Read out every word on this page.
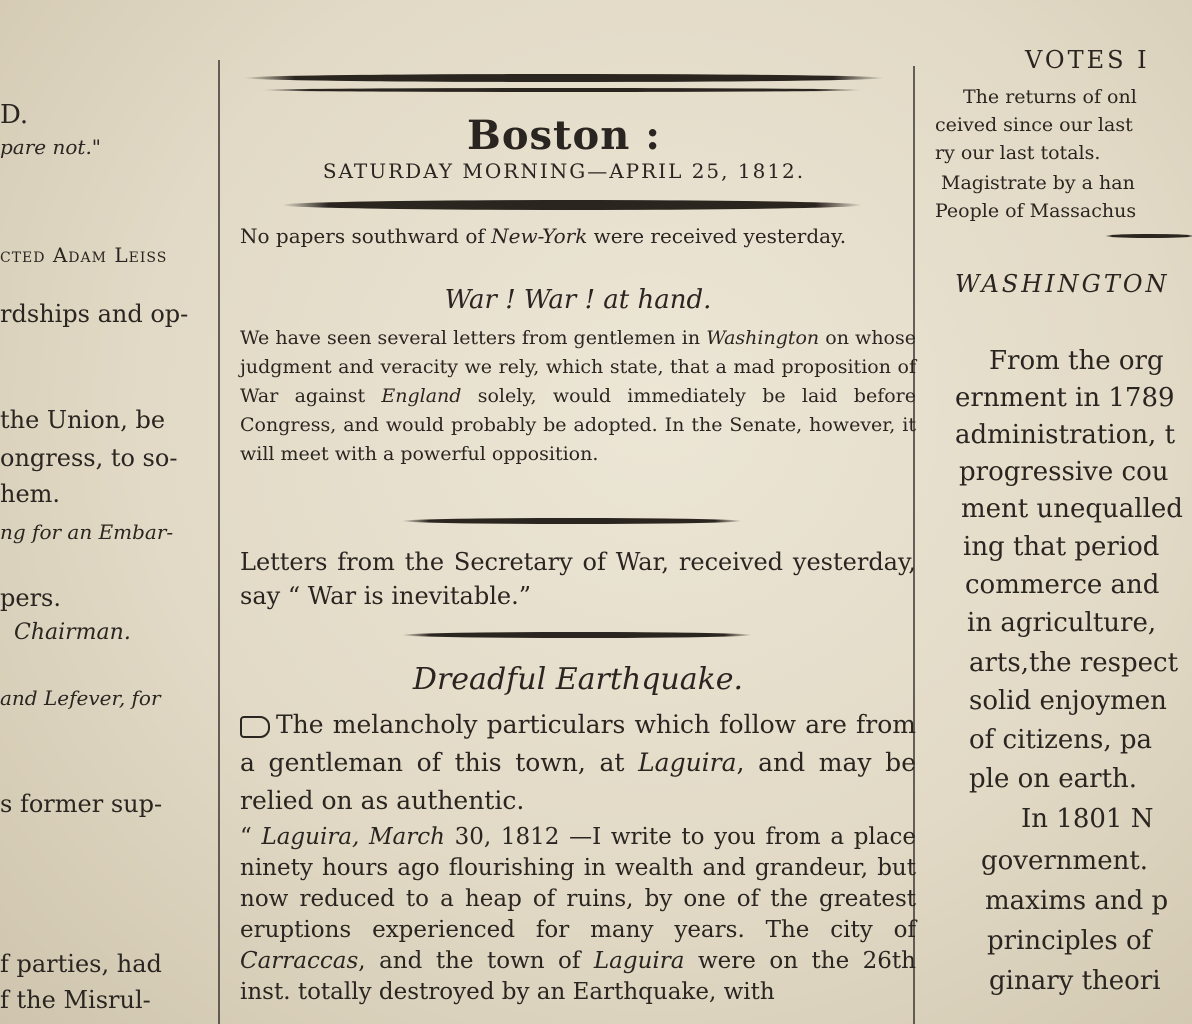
D.
pare not."
cted Adam Leiss
rdships and op-
the Union, be
ongress, to so-
hem.
ng for an Embar-
pers.
Chairman.
and Lefever, for
s former sup-
f parties, had
f the Misrul-
Boston :
SATURDAY MORNING—APRIL 25, 1812.
No papers southward of New-York were received yesterday.
War ! War ! at hand.
We have seen several letters from gentlemen in Washington on whose judgment and veracity we rely, which state, that a mad proposition of War against England solely, would immediately be laid before Congress, and would probably be adopted. In the Senate, however, it will meet with a powerful opposition.
Letters from the Secretary of War, received yesterday, say “ War is inevitable.”
Dreadful Earthquake.
The melancholy particulars which follow are from a gentleman of this town, at Laguira, and may be relied on as authentic.
“ Laguira, March 30, 1812 —I write to you from a place ninety hours ago flourishing in wealth and grandeur, but now reduced to a heap of ruins, by one of the greatest eruptions experienced for many years. The city of Carraccas, and the town of Laguira were on the 26th inst. totally destroyed by an Earthquake, with
VOTES I
The returns of onl
ceived since our last
ry our last totals.
Magistrate by a han
People of Massachus
WASHINGTON
From the org
ernment in 1789
administration, t
progressive cou
ment unequalled
ing that period
commerce and
in agriculture,
arts,the respect
solid enjoymen
of citizens, pa
ple on earth.
In 1801 N
government.
maxims and p
principles of
ginary theori
